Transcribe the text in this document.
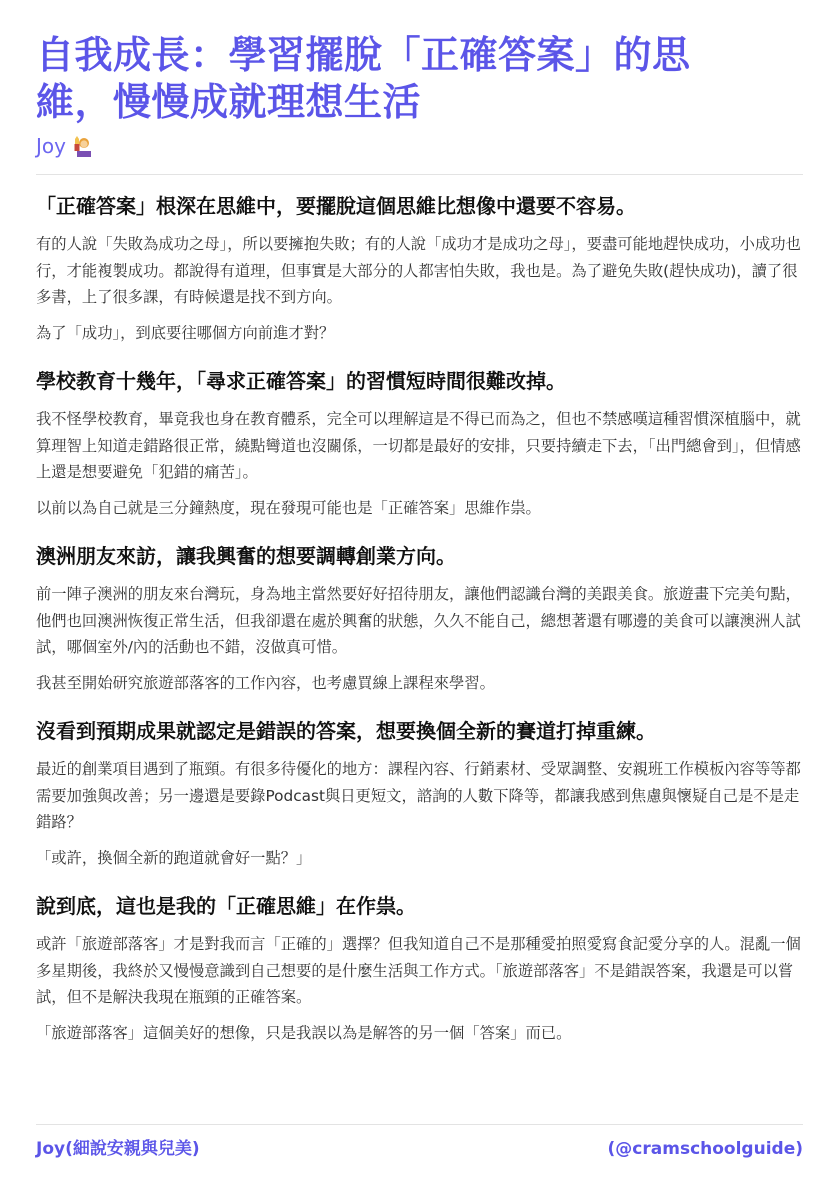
自我成長：學習擺脫「正確答案」的思維，慢慢成就理想生活
Joy
「正確答案」根深在思維中，要擺脫這個思維比想像中還要不容易。

有的人說「失敗為成功之母」，所以要擁抱失敗；有的人說「成功才是成功之母」，要盡可能地趕快成功，小成功也行，才能複製成功。都說得有道理，但事實是大部分的人都害怕失敗，我也是。為了避免失敗(趕快成功)，讀了很多書，上了很多課，有時候還是找不到方向。

為了「成功」，到底要往哪個方向前進才對？

學校教育十幾年，「尋求正確答案」的習慣短時間很難改掉。

我不怪學校教育，畢竟我也身在教育體系，完全可以理解這是不得已而為之，但也不禁感嘆這種習慣深植腦中，就算理智上知道走錯路很正常，繞點彎道也沒關係，一切都是最好的安排，只要持續走下去，「出門總會到」，但情感上還是想要避免「犯錯的痛苦」。

以前以為自己就是三分鐘熱度，現在發現可能也是「正確答案」思維作祟。

澳洲朋友來訪，讓我興奮的想要調轉創業方向。

前一陣子澳洲的朋友來台灣玩，身為地主當然要好好招待朋友，讓他們認識台灣的美跟美食。旅遊畫下完美句點，他們也回澳洲恢復正常生活，但我卻還在處於興奮的狀態，久久不能自己，總想著還有哪邊的美食可以讓澳洲人試試，哪個室外/內的活動也不錯，沒做真可惜。

我甚至開始研究旅遊部落客的工作內容，也考慮買線上課程來學習。

沒看到預期成果就認定是錯誤的答案，想要換個全新的賽道打掉重練。

最近的創業項目遇到了瓶頸。有很多待優化的地方：課程內容、行銷素材、受眾調整、安親班工作模板內容等等都需要加強與改善；另一邊還是要錄Podcast與日更短文，諮詢的人數下降等，都讓我感到焦慮與懷疑自己是不是走錯路？

「或許，換個全新的跑道就會好一點？」

說到底，這也是我的「正確思維」在作祟。

或許「旅遊部落客」才是對我而言「正確的」選擇？但我知道自己不是那種愛拍照愛寫食記愛分享的人。混亂一個多星期後，我終於又慢慢意識到自己想要的是什麼生活與工作方式。「旅遊部落客」不是錯誤答案，我還是可以嘗試，但不是解決我現在瓶頸的正確答案。

「旅遊部落客」這個美好的想像，只是我誤以為是解答的另一個「答案」而已。

Joy(細說安親與兒美)	(@cramschoolguide)
